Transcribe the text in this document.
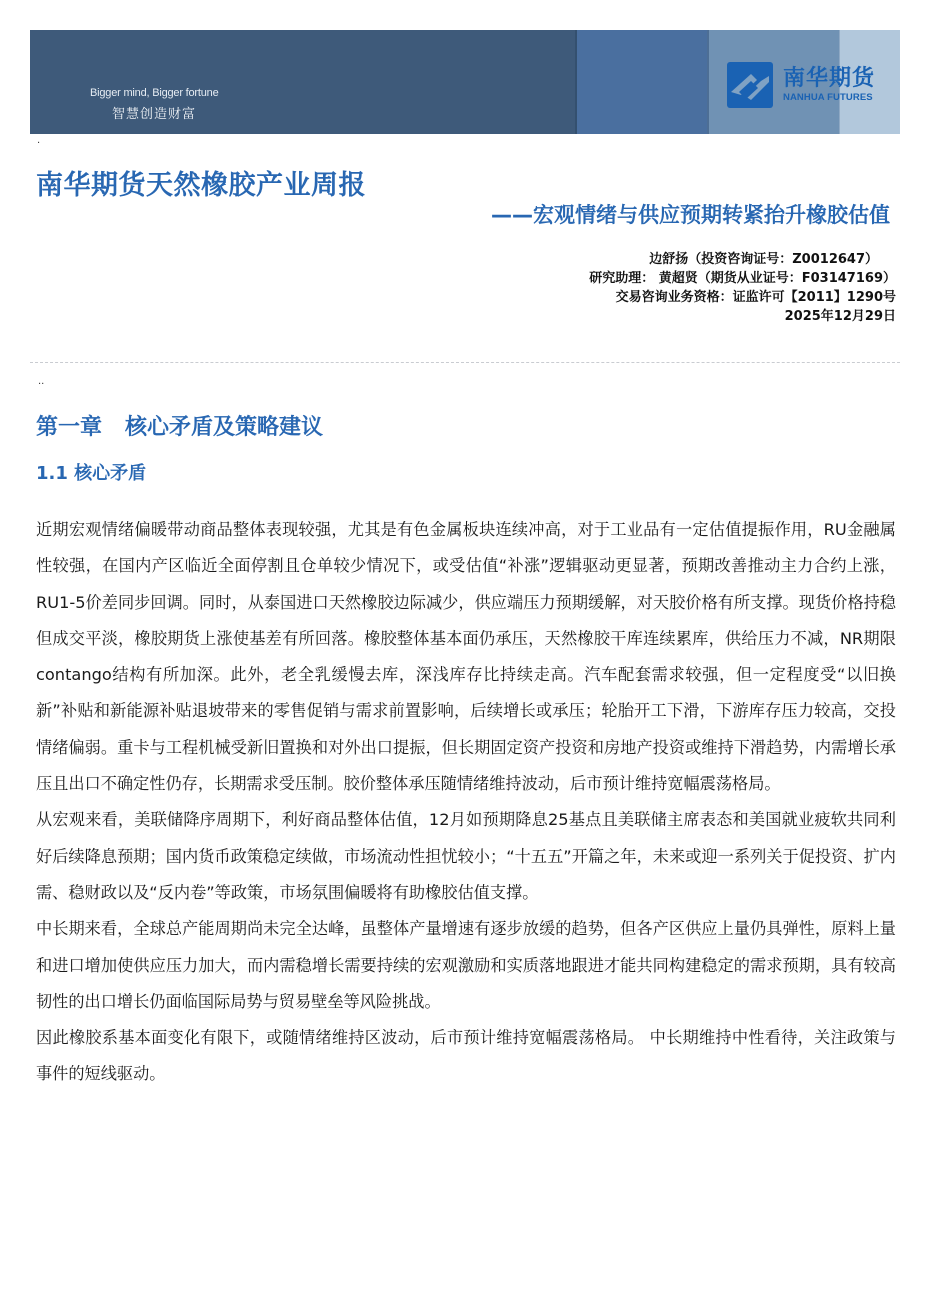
Bigger mind, Bigger fortune
智慧创造财富
南华期货
NANHUA FUTURES
·
南华期货天然橡胶产业周报
——宏观情绪与供应预期转紧抬升橡胶估值
边舒扬（投资咨询证号：Z0012647）
研究助理： 黄超贤（期货从业证号：F03147169）
交易咨询业务资格：证监许可【2011】1290号
2025年12月29日
··
第一章   核心矛盾及策略建议
1.1 核心矛盾

近期宏观情绪偏暖带动商品整体表现较强，尤其是有色金属板块连续冲高，对于工业品有一定估值提振作用，RU金融属性较强，在国内产区临近全面停割且仓单较少情况下，或受估值“补涨”逻辑驱动更显著，预期改善推动主力合约上涨，RU1-5价差同步回调。同时，从泰国进口天然橡胶边际减少，供应端压力预期缓解，对天胶价格有所支撑。现货价格持稳但成交平淡，橡胶期货上涨使基差有所回落。橡胶整体基本面仍承压，天然橡胶干库连续累库，供给压力不减，NR期限contango结构有所加深。此外，老全乳缓慢去库，深浅库存比持续走高。汽车配套需求较强，但一定程度受“以旧换新”补贴和新能源补贴退坡带来的零售促销与需求前置影响，后续增长或承压；轮胎开工下滑，下游库存压力较高，交投情绪偏弱。重卡与工程机械受新旧置换和对外出口提振，但长期固定资产投资和房地产投资或维持下滑趋势，内需增长承压且出口不确定性仍存，长期需求受压制。胶价整体承压随情绪维持波动，后市预计维持宽幅震荡格局。

从宏观来看，美联储降序周期下，利好商品整体估值，12月如预期降息25基点且美联储主席表态和美国就业疲软共同利好后续降息预期；国内货币政策稳定续做，市场流动性担忧较小；“十五五”开篇之年，未来或迎一系列关于促投资、扩内需、稳财政以及“反内卷”等政策，市场氛围偏暖将有助橡胶估值支撑。

中长期来看，全球总产能周期尚未完全达峰，虽整体产量增速有逐步放缓的趋势，但各产区供应上量仍具弹性，原料上量和进口增加使供应压力加大，而内需稳增长需要持续的宏观激励和实质落地跟进才能共同构建稳定的需求预期，具有较高韧性的出口增长仍面临国际局势与贸易壁垒等风险挑战。

因此橡胶系基本面变化有限下，或随情绪维持区波动，后市预计维持宽幅震荡格局。 中长期维持中性看待，关注政策与事件的短线驱动。
